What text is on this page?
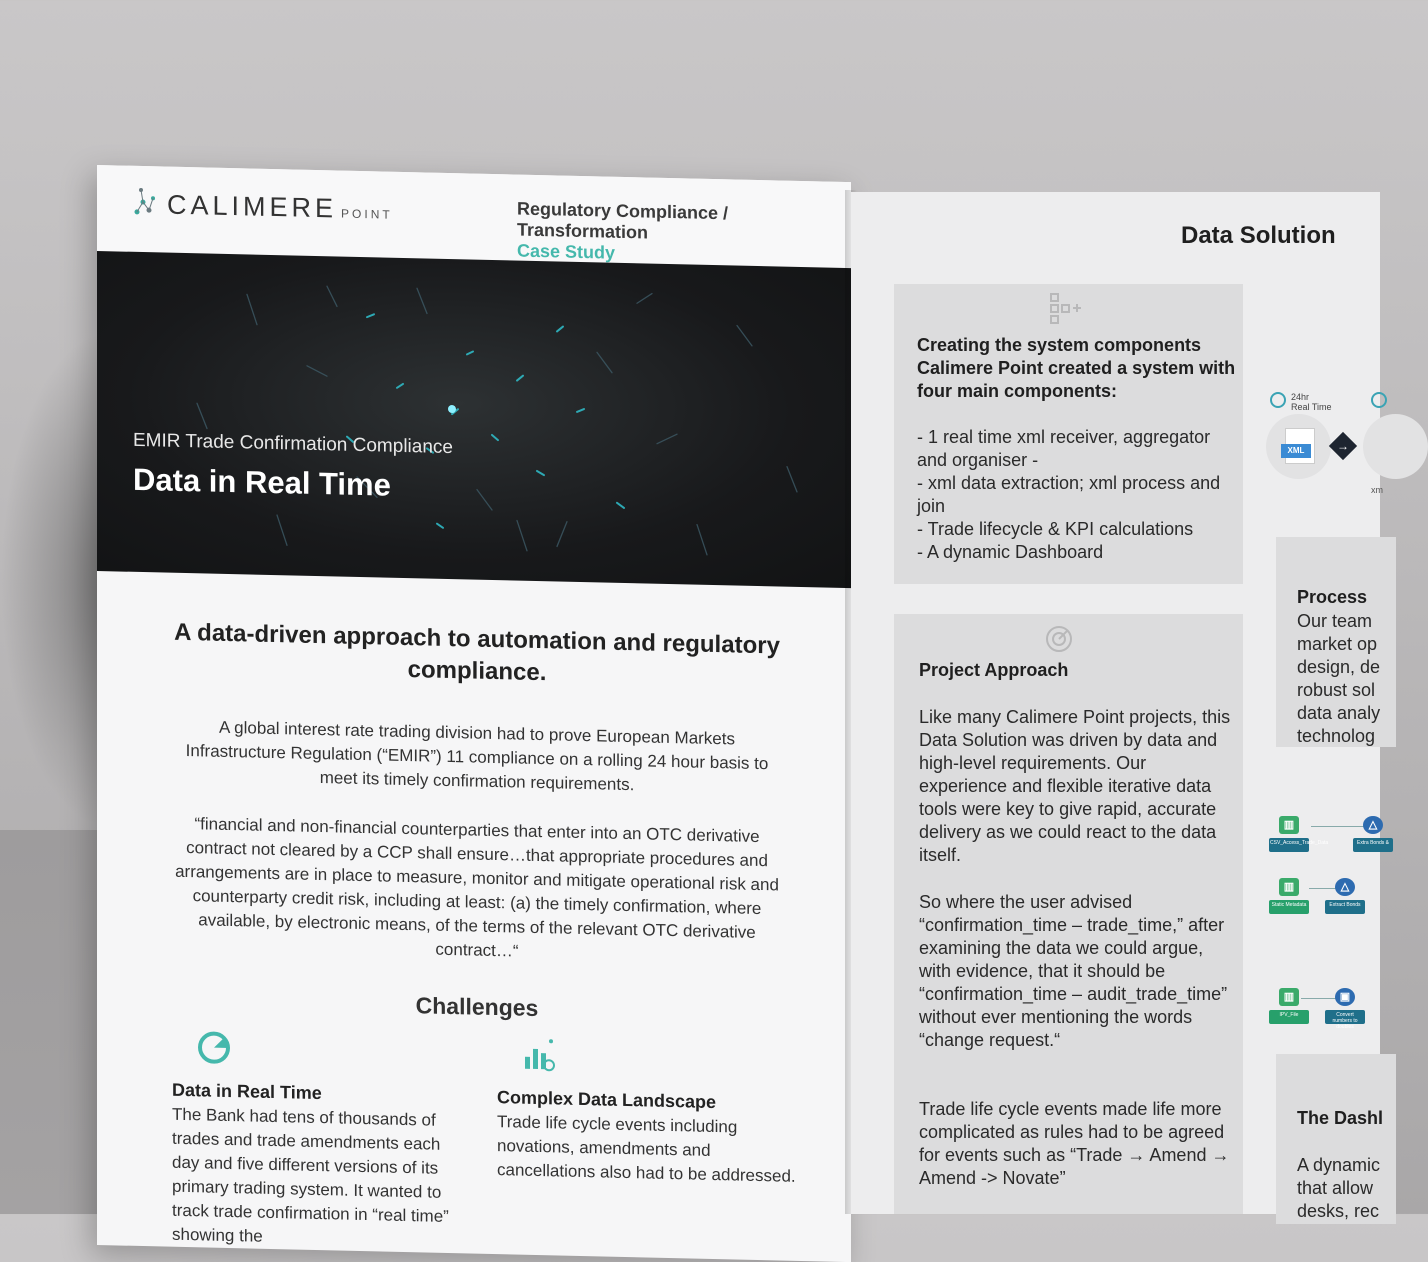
CALIMERE POINT	Regulatory Compliance / Transformation
Case Study
EMIR Trade Confirmation Compliance
Data in Real Time
A data-driven approach to automation and regulatory compliance.
A global interest rate trading division had to prove European Markets Infrastructure Regulation (“EMIR”) 11 compliance on a rolling 24 hour basis to meet its timely confirmation requirements.
“financial and non-financial counterparties that enter into an OTC derivative contract not cleared by a CCP shall ensure…that appropriate procedures and arrangements are in place to measure, monitor and mitigate operational risk and counterparty credit risk, including at least: (a) the timely confirmation, where available, by electronic means, of the terms of the relevant OTC derivative contract…“
Challenges
Data in Real Time
The Bank had tens of thousands of trades and trade amendments each day and five different versions of its primary trading system. It wanted to track trade confirmation in “real time” showing the
Complex Data Landscape
Trade life cycle events including novations, amendments and cancellations also had to be addressed.
Data Solution
Creating the system components Calimere Point created a system with four main components:
- 1 real time xml receiver, aggregator and organiser -
- xml data extraction; xml process and join
- Trade lifecycle & KPI calculations
- A dynamic Dashboard
Project Approach
Like many Calimere Point projects, this Data Solution was driven by data and high-level requirements. Our experience and flexible iterative data tools were key to give rapid, accurate delivery as we could react to the data itself.
So where the user advised “confirmation_time – trade_time,” after examining the data we could argue, with evidence, that it should be “confirmation_time – audit_trade_time” without ever mentioning the words “change request.“
Trade life cycle events made life more complicated as rules had to be agreed for events such as “Trade → Amend → Amend -> Novate”
Process
Our team
market op
design, de
robust sol
data analy
technolog
The Dashl
A dynamic
that allow
desks, rec
24hr
Real Time
XML	→
xm
▥
CSV_Access_Trade_Data
△
Extra Bonds &
▥
Static Metadata
△
Extract Bonds
▥
IPV_File
▣
Convert numbers to doubles
